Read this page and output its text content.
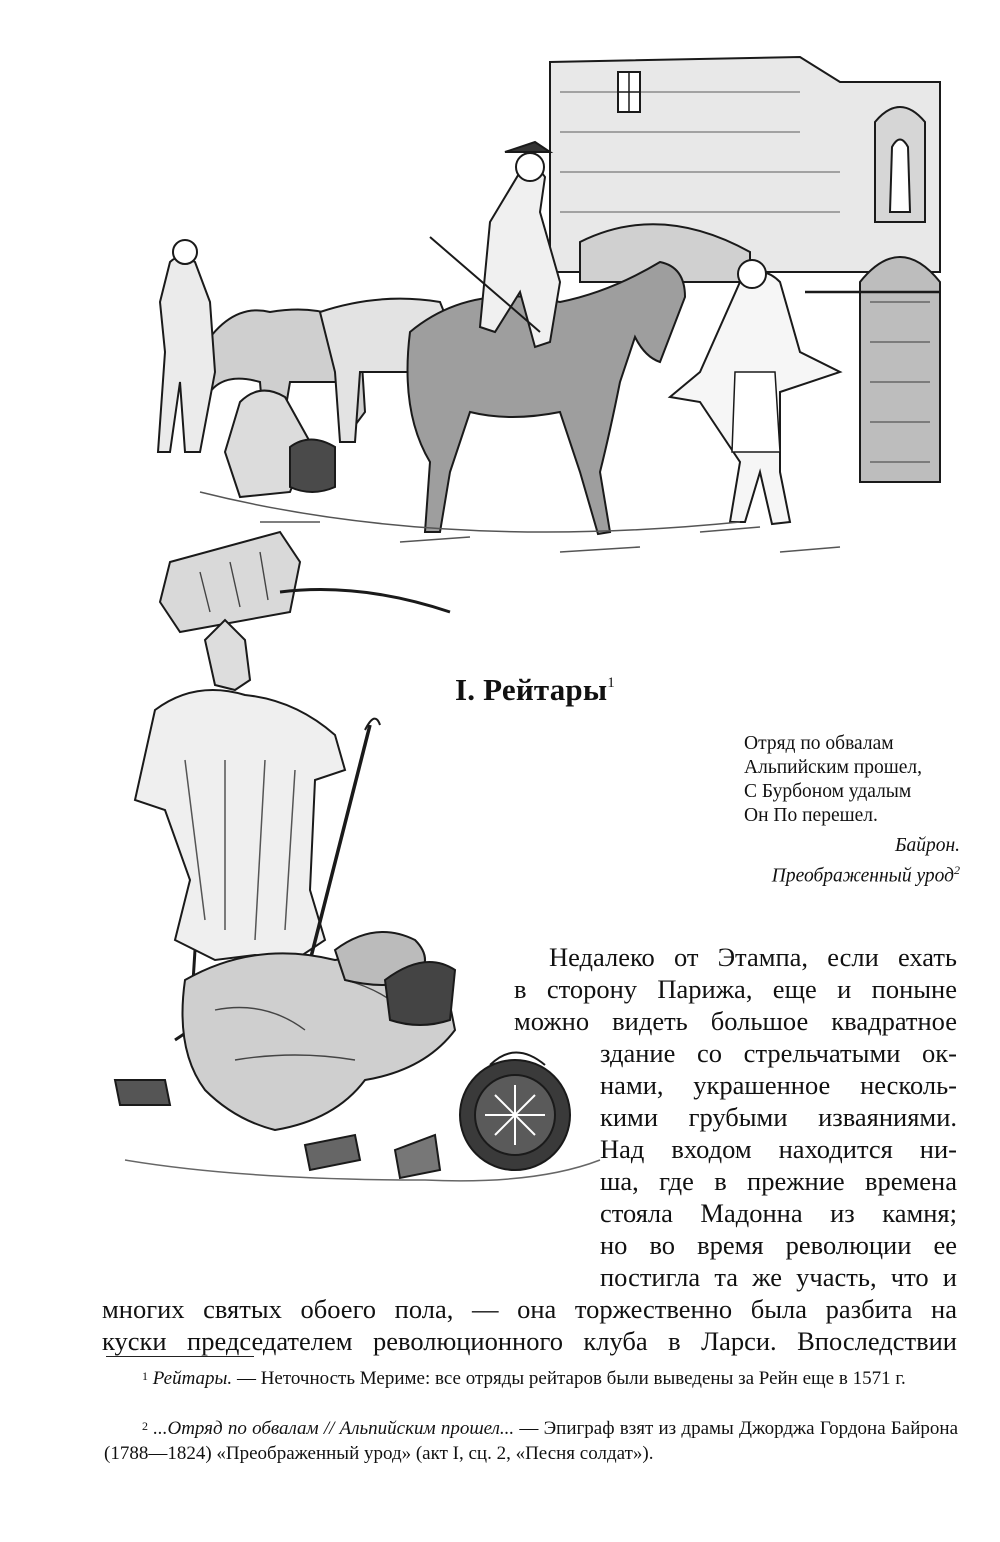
I. Рейтары$^1$
Отряд по обвалам
Альпийским прошел,
С Бурбоном удалым
Он По перешел.
Байрон.
Преображенный урод$^2$
Недалеко от Этампа, если ехать
в сторону Парижа, еще и поныне
можно видеть большое квадратное
здание со стрельчатыми ок-
нами, украшенное несколь-
кими грубыми изваяниями.
Над входом находится ни-
ша, где в прежние времена
стояла Мадонна из камня;
но во время революции ее
постигла та же участь, что и
многих святых обоего пола, — она торжественно была разбита на
куски председателем революционного клуба в Ларси. Впоследствии
$^1$ Рейтары. — Неточность Мериме: все отряды рейтаров были выведены за Рейн еще в 1571 г.
$^2$ ...Отряд по обвалам // Альпийским прошел... — Эпиграф взят из драмы Джорджа Гордона Байрона (1788—1824) «Преображенный урод» (акт I, сц. 2, «Песня солдат»).
